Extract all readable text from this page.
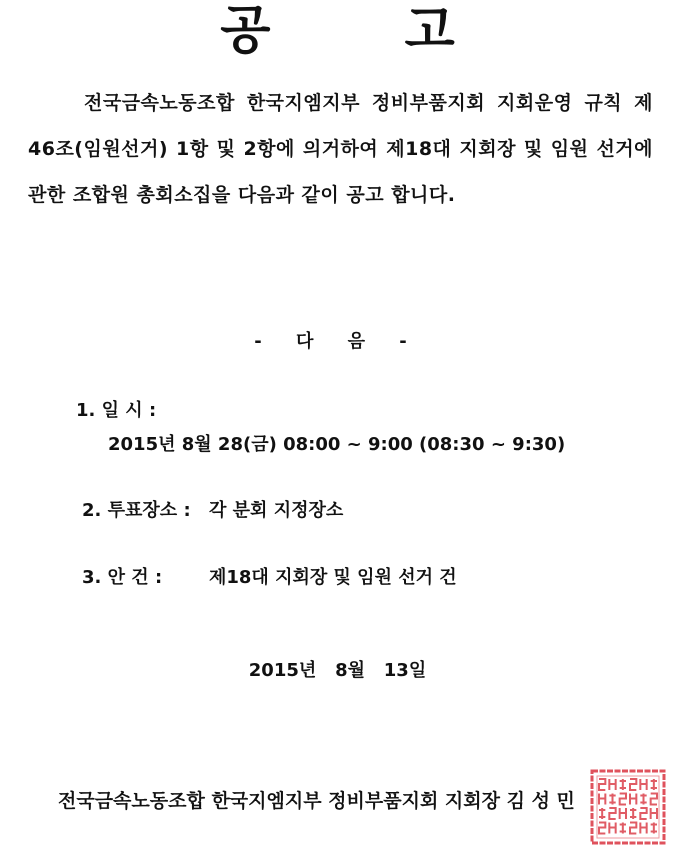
공 고
전국금속노동조합 한국지엠지부 정비부품지회 지회운영 규칙 제46조(임원선거) 1항 및 2항에 의거하여 제18대 지회장 및 임원 선거에 관한 조합원 총회소집을 다음과 같이 공고 합니다.
- 다 음 -
1. 일 시 :
2015년 8월 28(금) 08:00 ~ 9:00 (08:30 ~ 9:30)
2. 투표장소 : 각 분회 지정장소
3. 안 건 :	제18대 지회장 및 임원 선거 건
2015년   8월   13일
전국금속노동조합 한국지엠지부 정비부품지회 지회장 김 성 민
